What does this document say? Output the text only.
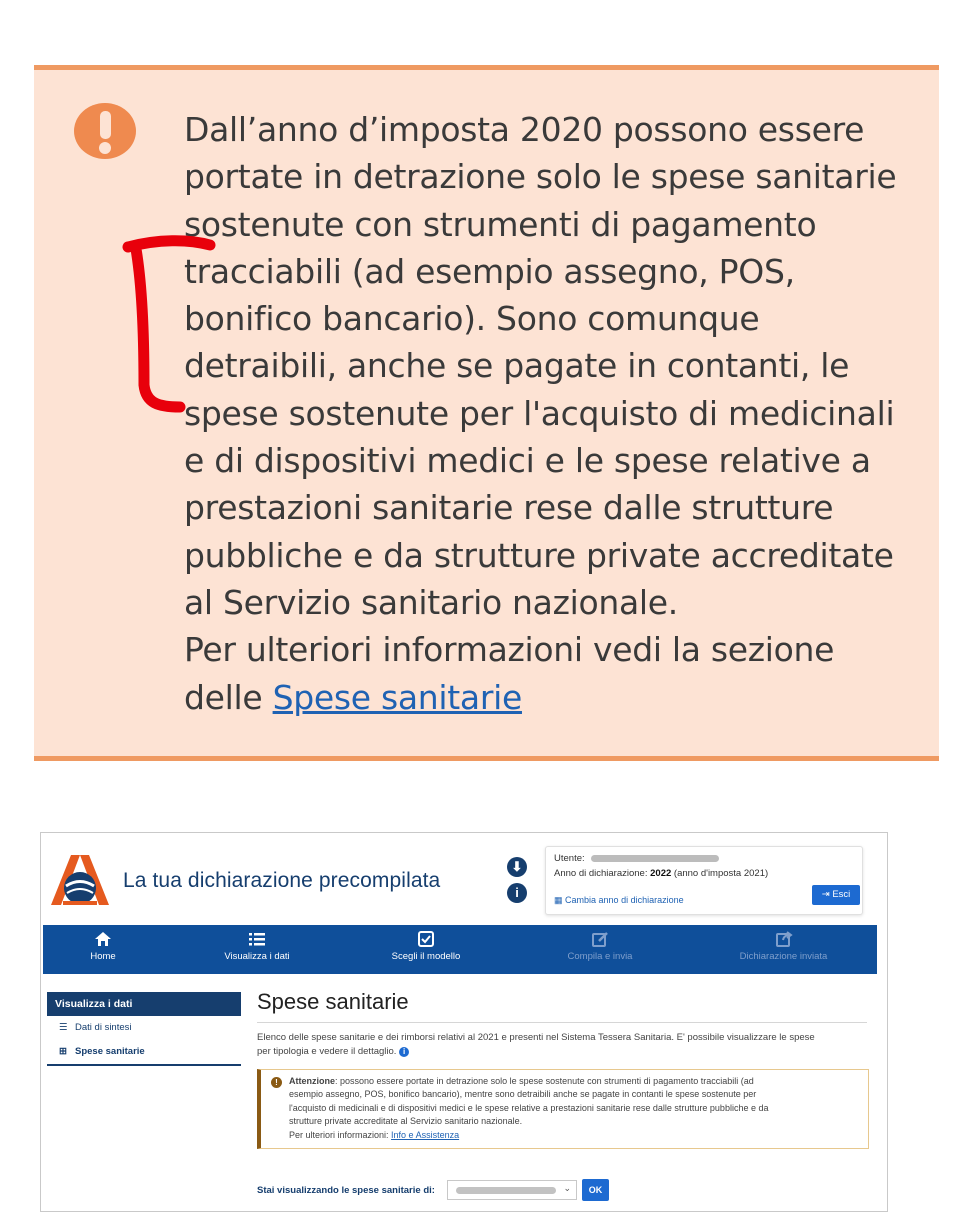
Dall’anno d’imposta 2020 possono essere
portate in detrazione solo le spese sanitarie
sostenute con strumenti di pagamento
tracciabili (ad esempio assegno, POS,
bonifico bancario). Sono comunque
detraibili, anche se pagate in contanti, le
spese sostenute per l'acquisto di medicinali
e di dispositivi medici e le spese relative a
prestazioni sanitarie rese dalle strutture
pubbliche e da strutture private accreditate
al Servizio sanitario nazionale.
Per ulteriori informazioni vedi la sezione
delle Spese sanitarie
La tua dichiarazione precompilata
⬇
i
Utente:
Anno di dichiarazione: 2022 (anno d'imposta 2021)
▦ Cambia anno di dichiarazione	⇥ Esci
Home	Visualizza i dati	Scegli il modello	Compila e invia	Dichiarazione inviata
Visualizza i dati
☰ Dati di sintesi
⊞ Spese sanitarie
Spese sanitarie
Elenco delle spese sanitarie e dei rimborsi relativi al 2021 e presenti nel Sistema Tessera Sanitaria. E' possibile visualizzare le spese
per tipologia e vedere il dettaglio. i
!	Attenzione: possono essere portate in detrazione solo le spese sostenute con strumenti di pagamento tracciabili (ad
esempio assegno, POS, bonifico bancario), mentre sono detraibili anche se pagate in contanti le spese sostenute per
l'acquisto di medicinali e di dispositivi medici e le spese relative a prestazioni sanitarie rese dalle strutture pubbliche e da
strutture private accreditate al Servizio sanitario nazionale.
Per ulteriori informazioni: Info e Assistenza
Stai visualizzando le spese sanitarie di:	⌄	OK
